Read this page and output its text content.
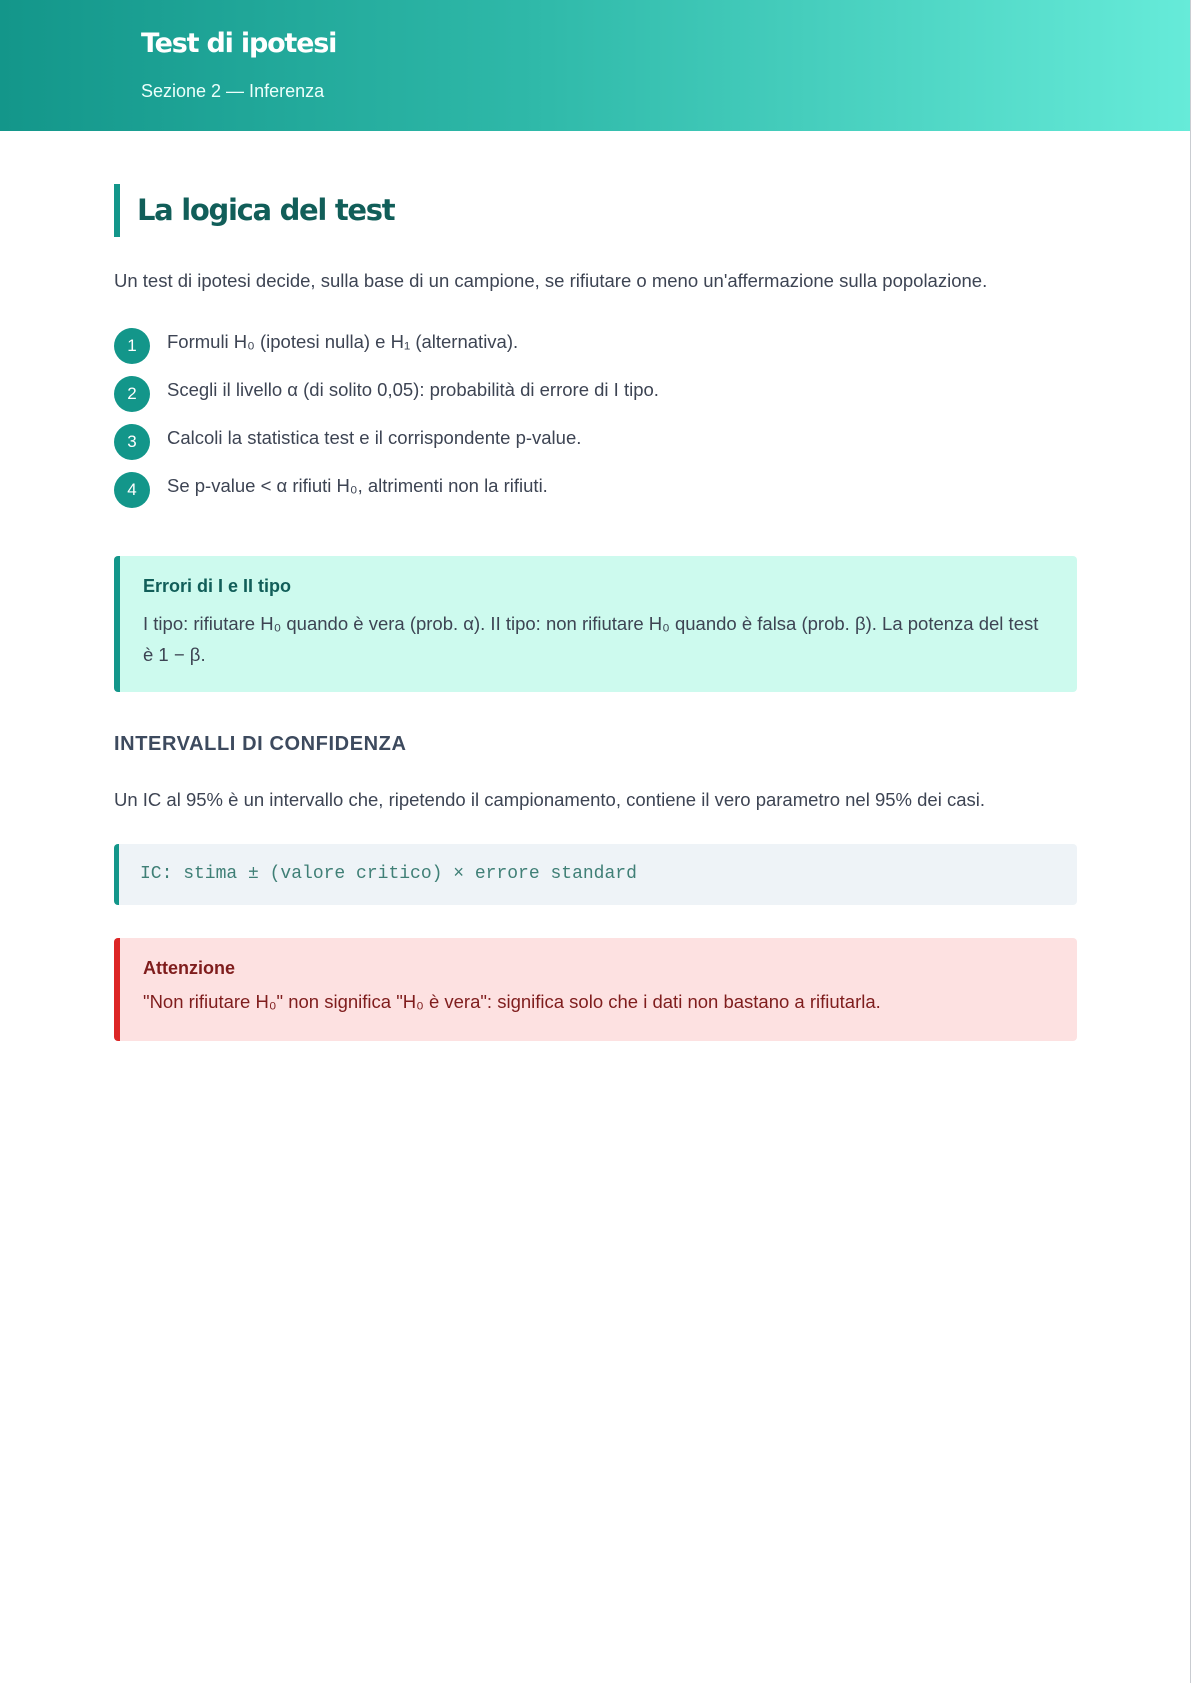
Test di ipotesi
Sezione 2 — Inferenza
La logica del test

Un test di ipotesi decide, sulla base di un campione, se rifiutare o meno un'affermazione sulla popolazione.

1	Formuli H₀ (ipotesi nulla) e H₁ (alternativa).
2	Scegli il livello α (di solito 0,05): probabilità di errore di I tipo.
3	Calcoli la statistica test e il corrispondente p-value.
4	Se p-value < α rifiuti H₀, altrimenti non la rifiuti.
Errori di I e II tipo
I tipo: rifiutare H₀ quando è vera (prob. α). II tipo: non rifiutare H₀ quando è falsa (prob. β). La potenza del test è 1 − β.
INTERVALLI DI CONFIDENZA

Un IC al 95% è un intervallo che, ripetendo il campionamento, contiene il vero parametro nel 95% dei casi.

IC: stima ± (valore critico) × errore standard
Attenzione
"Non rifiutare H₀" non significa "H₀ è vera": significa solo che i dati non bastano a rifiutarla.
